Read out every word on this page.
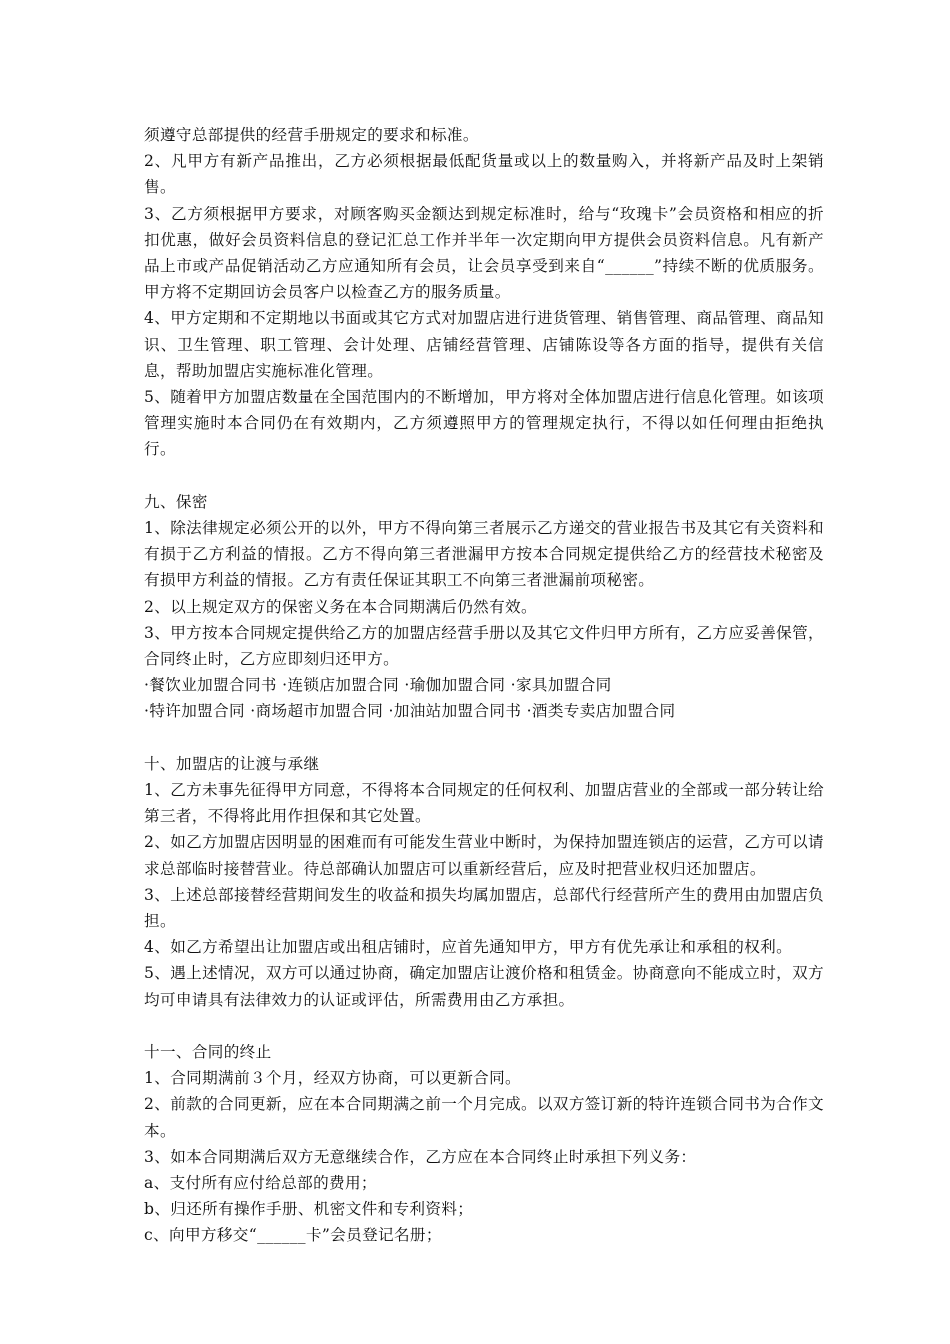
须遵守总部提供的经营手册规定的要求和标准。

2、凡甲方有新产品推出，乙方必须根据最低配货量或以上的数量购入，并将新产品及时上架销售。

3、乙方须根据甲方要求，对顾客购买金额达到规定标准时，给与“玫瑰卡”会员资格和相应的折扣优惠，做好会员资料信息的登记汇总工作并半年一次定期向甲方提供会员资料信息。凡有新产品上市或产品促销活动乙方应通知所有会员，让会员享受到来自“______”持续不断的优质服务。甲方将不定期回访会员客户以检查乙方的服务质量。

4、甲方定期和不定期地以书面或其它方式对加盟店进行进货管理、销售管理、商品管理、商品知识、卫生管理、职工管理、会计处理、店铺经营管理、店铺陈设等各方面的指导，提供有关信息，帮助加盟店实施标准化管理。

5、随着甲方加盟店数量在全国范围内的不断增加，甲方将对全体加盟店进行信息化管理。如该项管理实施时本合同仍在有效期内，乙方须遵照甲方的管理规定执行，不得以如任何理由拒绝执行。

九、保密

1、除法律规定必须公开的以外，甲方不得向第三者展示乙方递交的营业报告书及其它有关资料和有损于乙方利益的情报。乙方不得向第三者泄漏甲方按本合同规定提供给乙方的经营技术秘密及有损甲方利益的情报。乙方有责任保证其职工不向第三者泄漏前项秘密。

2、以上规定双方的保密义务在本合同期满后仍然有效。

3、甲方按本合同规定提供给乙方的加盟店经营手册以及其它文件归甲方所有，乙方应妥善保管，合同终止时，乙方应即刻归还甲方。

·餐饮业加盟合同书 ·连锁店加盟合同 ·瑜伽加盟合同 ·家具加盟合同

·特许加盟合同 ·商场超市加盟合同 ·加油站加盟合同书 ·酒类专卖店加盟合同

十、加盟店的让渡与承继

1、乙方未事先征得甲方同意，不得将本合同规定的任何权利、加盟店营业的全部或一部分转让给第三者，不得将此用作担保和其它处置。

2、如乙方加盟店因明显的困难而有可能发生营业中断时，为保持加盟连锁店的运营，乙方可以请求总部临时接替营业。待总部确认加盟店可以重新经营后，应及时把营业权归还加盟店。

3、上述总部接替经营期间发生的收益和损失均属加盟店，总部代行经营所产生的费用由加盟店负担。

4、如乙方希望出让加盟店或出租店铺时，应首先通知甲方，甲方有优先承让和承租的权利。

5、遇上述情况，双方可以通过协商，确定加盟店让渡价格和租赁金。协商意向不能成立时，双方均可申请具有法律效力的认证或评估，所需费用由乙方承担。

十一、合同的终止

1、合同期满前３个月，经双方协商，可以更新合同。

2、前款的合同更新，应在本合同期满之前一个月完成。以双方签订新的特许连锁合同书为合作文本。

3、如本合同期满后双方无意继续合作，乙方应在本合同终止时承担下列义务：

a、支付所有应付给总部的费用；

b、归还所有操作手册、机密文件和专利资料；

c、向甲方移交“______卡”会员登记名册；
